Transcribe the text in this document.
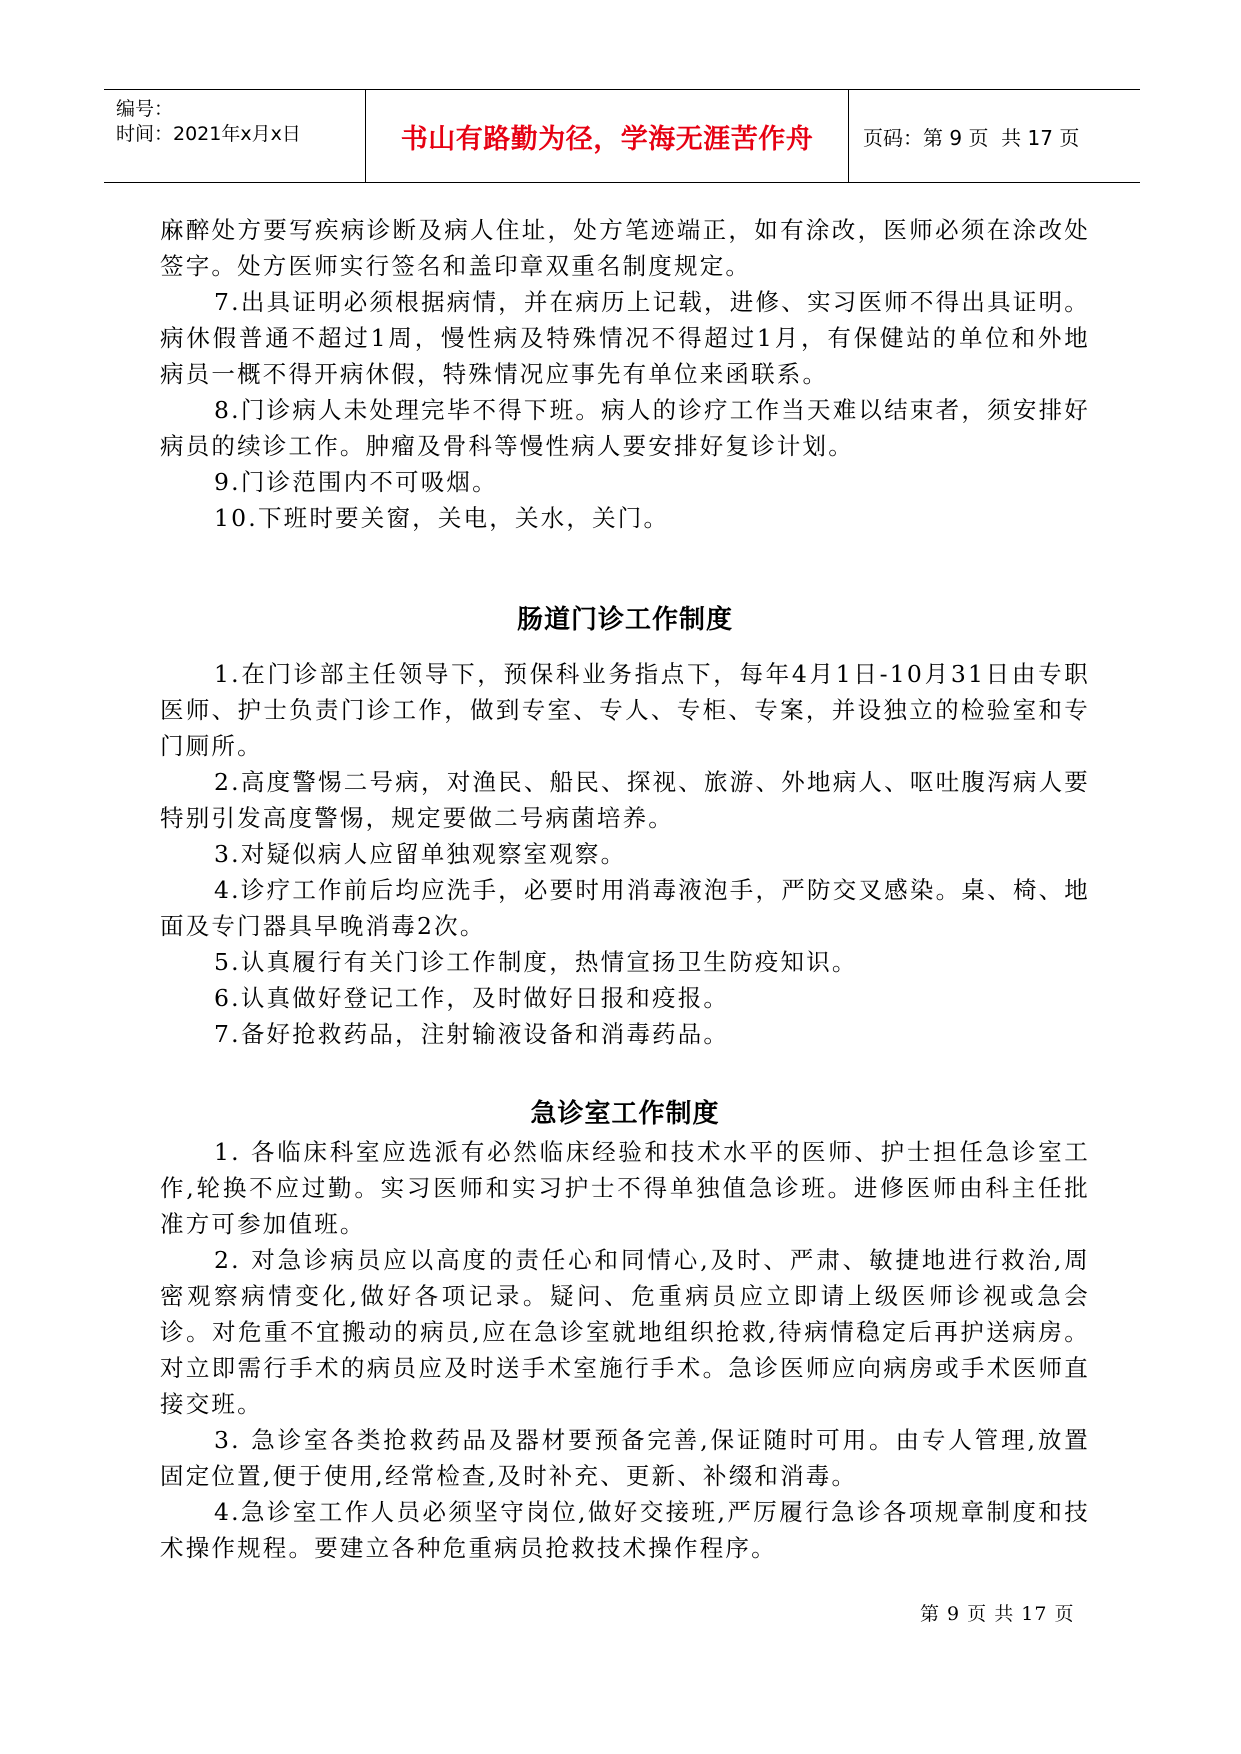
编号：
时间：2021年x月x日	书山有路勤为径，学海无涯苦作舟 页码：第 9 页  共 17 页

麻醉处方要写疾病诊断及病人住址，处方笔迹端正，如有涂改，医师必须在涂改处签字。处方医师实行签名和盖印章双重名制度规定。

7.出具证明必须根据病情，并在病历上记载，进修、实习医师不得出具证明。病休假普通不超过1周，慢性病及特殊情况不得超过1月，有保健站的单位和外地病员一概不得开病休假，特殊情况应事先有单位来函联系。

8.门诊病人未处理完毕不得下班。病人的诊疗工作当天难以结束者，须安排好病员的续诊工作。肿瘤及骨科等慢性病人要安排好复诊计划。

9.门诊范围内不可吸烟。

10.下班时要关窗，关电，关水，关门。

肠道门诊工作制度

1.在门诊部主任领导下，预保科业务指点下，每年4月1日-10月31日由专职医师、护士负责门诊工作，做到专室、专人、专柜、专案，并设独立的检验室和专门厕所。

2.高度警惕二号病，对渔民、船民、探视、旅游、外地病人、呕吐腹泻病人要特别引发高度警惕，规定要做二号病菌培养。

3.对疑似病人应留单独观察室观察。

4.诊疗工作前后均应洗手，必要时用消毒液泡手，严防交叉感染。桌、椅、地面及专门器具早晚消毒2次。

5.认真履行有关门诊工作制度，热情宣扬卫生防疫知识。

6.认真做好登记工作，及时做好日报和疫报。

7.备好抢救药品，注射输液设备和消毒药品。

急诊室工作制度

1. 各临床科室应选派有必然临床经验和技术水平的医师、护士担任急诊室工作,轮换不应过勤。实习医师和实习护士不得单独值急诊班。进修医师由科主任批准方可参加值班。

2. 对急诊病员应以高度的责任心和同情心,及时、严肃、敏捷地进行救治,周密观察病情变化,做好各项记录。疑问、危重病员应立即请上级医师诊视或急会诊。对危重不宜搬动的病员,应在急诊室就地组织抢救,待病情稳定后再护送病房。对立即需行手术的病员应及时送手术室施行手术。急诊医师应向病房或手术医师直接交班。

3. 急诊室各类抢救药品及器材要预备完善,保证随时可用。由专人管理,放置固定位置,便于使用,经常检查,及时补充、更新、补缀和消毒。

4.急诊室工作人员必须坚守岗位,做好交接班,严厉履行急诊各项规章制度和技术操作规程。要建立各种危重病员抢救技术操作程序。

第 9 页 共 17 页
